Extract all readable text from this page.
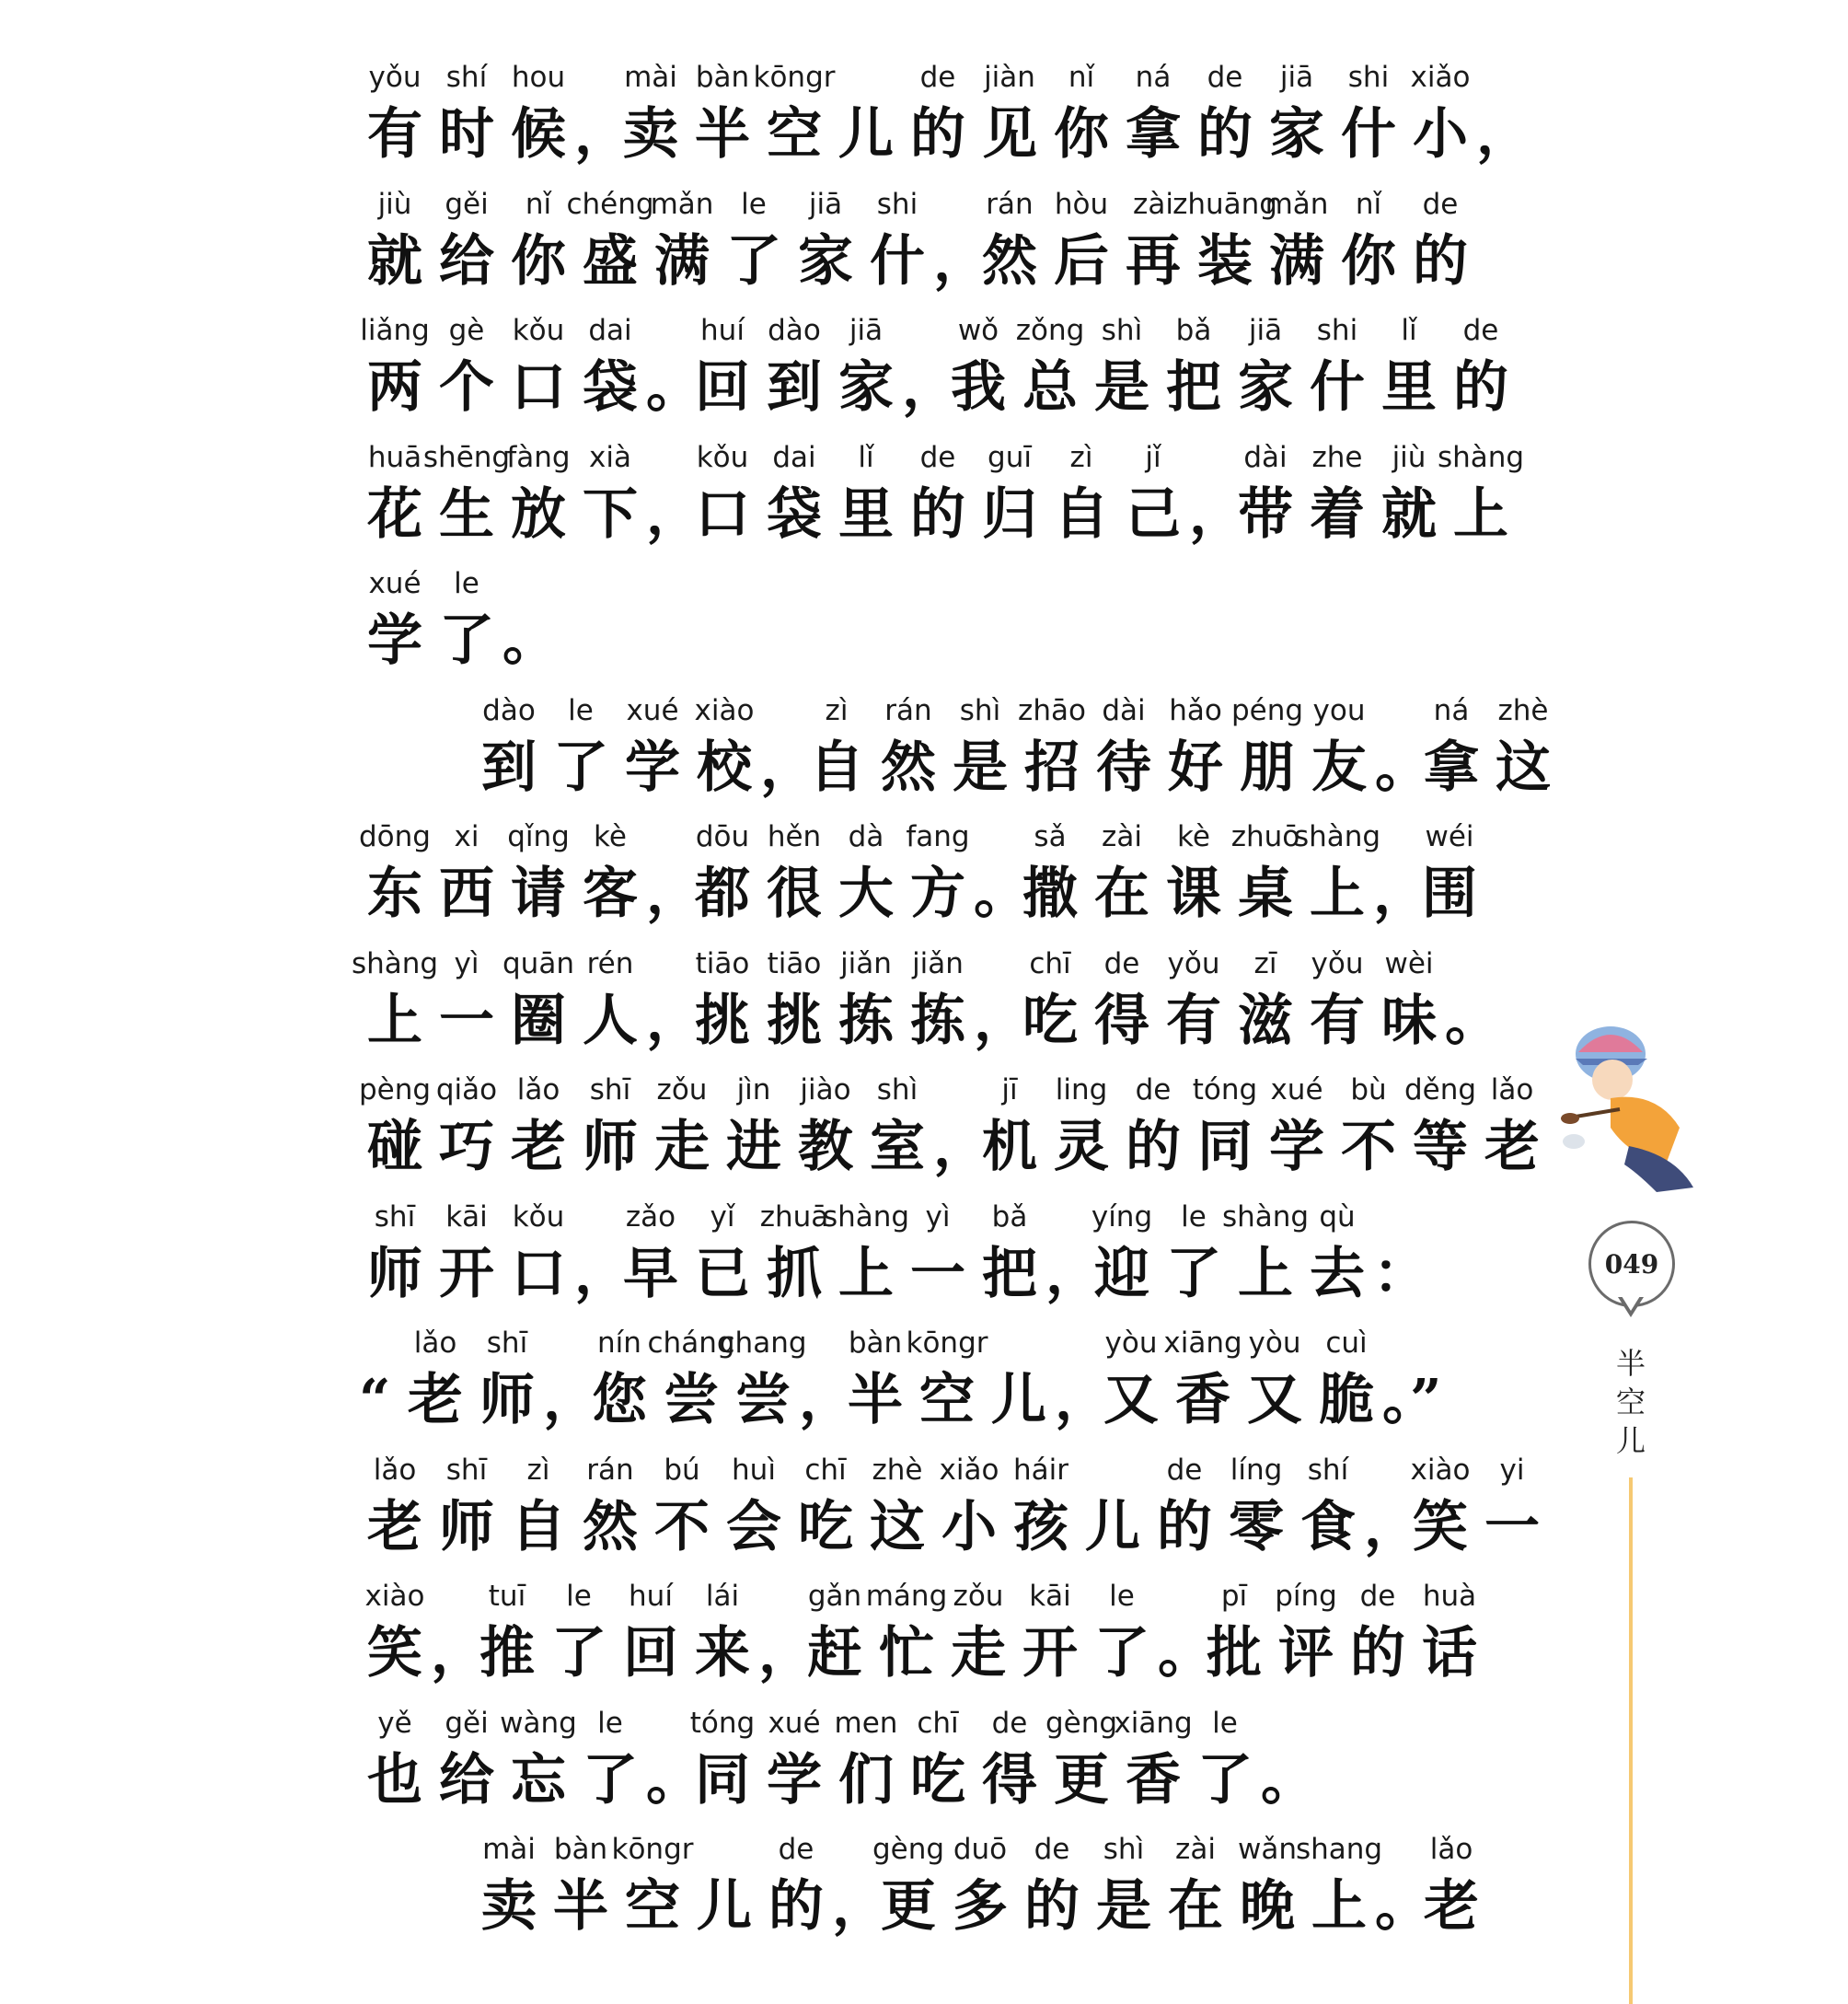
yǒu
有
shí
时
hou
候 ，
mài
卖
bàn
半
kōngr
空 儿
de
的
jiàn
见
nǐ
你
ná
拿
de
的
jiā
家
shi
什
xiǎo
小 ，
jiù
就
gěi
给
nǐ
你
chéng
盛
mǎn
满
le
了
jiā
家
shi
什 ，
rán
然
hòu
后
zài
再
zhuāng
装
mǎn
满
nǐ
你
de
的
liǎng
两
gè
个
kǒu
口
dai
袋 。
huí
回
dào
到
jiā
家 ，
wǒ
我
zǒng
总
shì
是
bǎ
把
jiā
家
shi
什
lǐ
里
de
的
huā
花
shēng
生
fàng
放
xià
下 ，
kǒu
口
dai
袋
lǐ
里
de
的
guī
归
zì
自
jǐ
己 ，
dài
带
zhe
着
jiù
就
shàng
上
xué
学
le
了 。
dào
到
le
了
xué
学
xiào
校 ，
zì
自
rán
然
shì
是
zhāo
招
dài
待
hǎo
好
péng
朋
you
友 。
ná
拿
zhè
这
dōng
东
xi
西
qǐng
请
kè
客 ，
dōu
都
hěn
很
dà
大
fang
方 。
sǎ
撒
zài
在
kè
课
zhuō
桌
shàng
上 ，
wéi
围
shàng
上
yì
一
quān
圈
rén
人 ，
tiāo
挑
tiāo
挑
jiǎn
拣
jiǎn
拣 ，
chī
吃
de
得
yǒu
有
zī
滋
yǒu
有
wèi
味 。
pèng
碰
qiǎo
巧
lǎo
老
shī
师
zǒu
走
jìn
进
jiào
教
shì
室 ，
jī
机
ling
灵
de
的
tóng
同
xué
学
bù
不
děng
等
lǎo
老
shī
师
kāi
开
kǒu
口 ，
zǎo
早
yǐ
已
zhuā
抓
shàng
上
yì
一
bǎ
把 ，
yíng
迎
le
了
shàng
上
qù
去 ：
“
lǎo
老
shī
师 ，
nín
您
cháng
尝
chang
尝 ，
bàn
半
kōngr
空 儿 ，
yòu
又
xiāng
香
yòu
又
cuì
脆 。”
lǎo
老
shī
师
zì
自
rán
然
bú
不
huì
会
chī
吃
zhè
这
xiǎo
小
háir
孩 儿
de
的
líng
零
shí
食 ，
xiào
笑
yi
一
xiào
笑 ，
tuī
推
le
了
huí
回
lái
来 ，
gǎn
赶
máng
忙
zǒu
走
kāi
开
le
了 。
pī
批
píng
评
de
的
huà
话
yě
也
gěi
给
wàng
忘
le
了 。
tóng
同
xué
学
men
们
chī
吃
de
得
gèng
更
xiāng
香
le
了 。
mài
卖
bàn
半
kōngr
空 儿
de
的 ，
gèng
更
duō
多
de
的
shì
是
zài
在
wǎn
晚
shang
上 。
lǎo
老
049
半
空
儿
